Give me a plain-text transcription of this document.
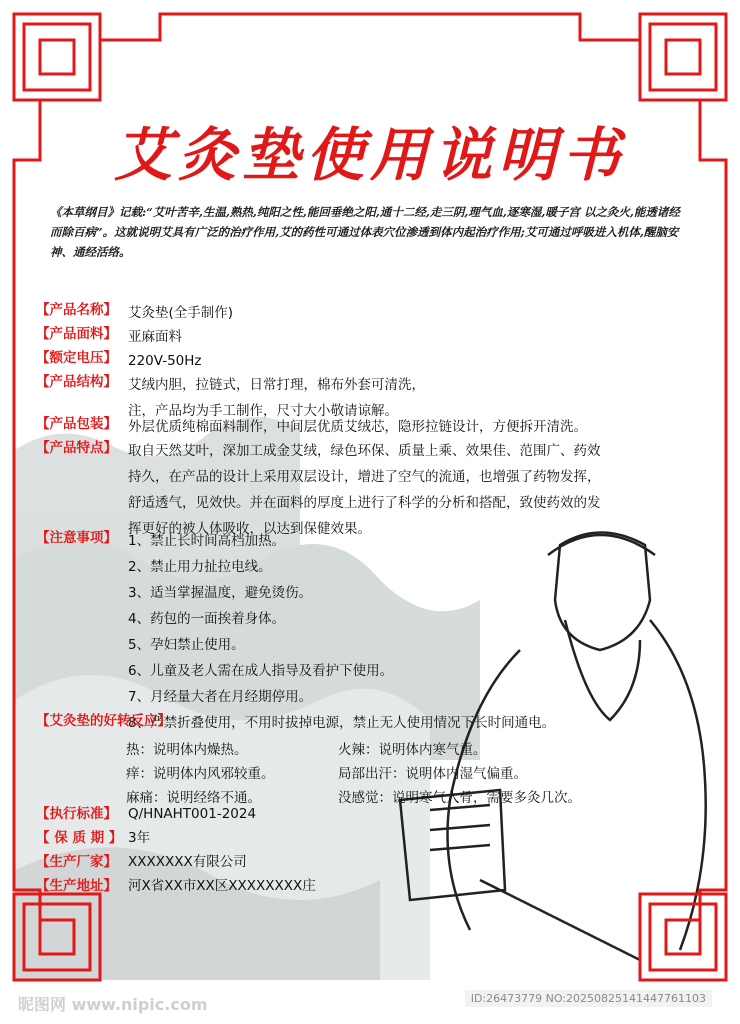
艾灸垫使用说明书
《本草纲目》记载:“艾叶苦辛,生温,熟热,纯阳之性,能回垂绝之阳,通十二经,走三阴,理气血,逐寒湿,暖子宫 以之灸火,能透诸经而除百病”。这就说明艾具有广泛的治疗作用,艾的药性可通过体表穴位渗透到体内起治疗作用;艾可通过呼吸进入机体,醒脑安神、通经活络。
【产品名称】 艾灸垫(全手制作)
【产品面料】 亚麻面料
【额定电压】 220V-50Hz
【产品结构】 艾绒内胆，拉链式，日常打理，棉布外套可清洗，
注，产品均为手工制作，尺寸大小敬请谅解。
【产品包装】 外层优质纯棉面料制作，中间层优质艾绒芯，隐形拉链设计，方便拆开清洗。
【产品特点】 取自天然艾叶，深加工成金艾绒，绿色环保、质量上乘、效果佳、范围广、药效
持久，在产品的设计上采用双层设计，增进了空气的流通，也增强了药物发挥，
舒适透气，见效快。并在面料的厚度上进行了科学的分析和搭配，致使药效的发
挥更好的被人体吸收，以达到保健效果。
【注意事项】 1、禁止长时间高档加热。
2、禁止用力扯拉电线。
3、适当掌握温度，避免烫伤。
4、药包的一面挨着身体。
5、孕妇禁止使用。
6、儿童及老人需在成人指导及看护下使用。
7、月经量大者在月经期停用。
8、严禁折叠使用，不用时拔掉电源，禁止无人使用情况下长时间通电。
【艾灸垫的好转反应】
热：说明体内燥热。	火辣：说明体内寒气重。
痒：说明体内风邪较重。	局部出汗：说明体内湿气偏重。
麻痛：说明经络不通。	没感觉：说明寒气入骨，需要多灸几次。
【执行标准】 Q/HNAHT001-2024
【 保 质 期 】 3年
【生产厂家】 XXXXXXX有限公司
【生产地址】 河X省XX市XX区XXXXXXXX庄
昵图网 www.nipic.com	ID:26473779 NO:20250825141447761103
